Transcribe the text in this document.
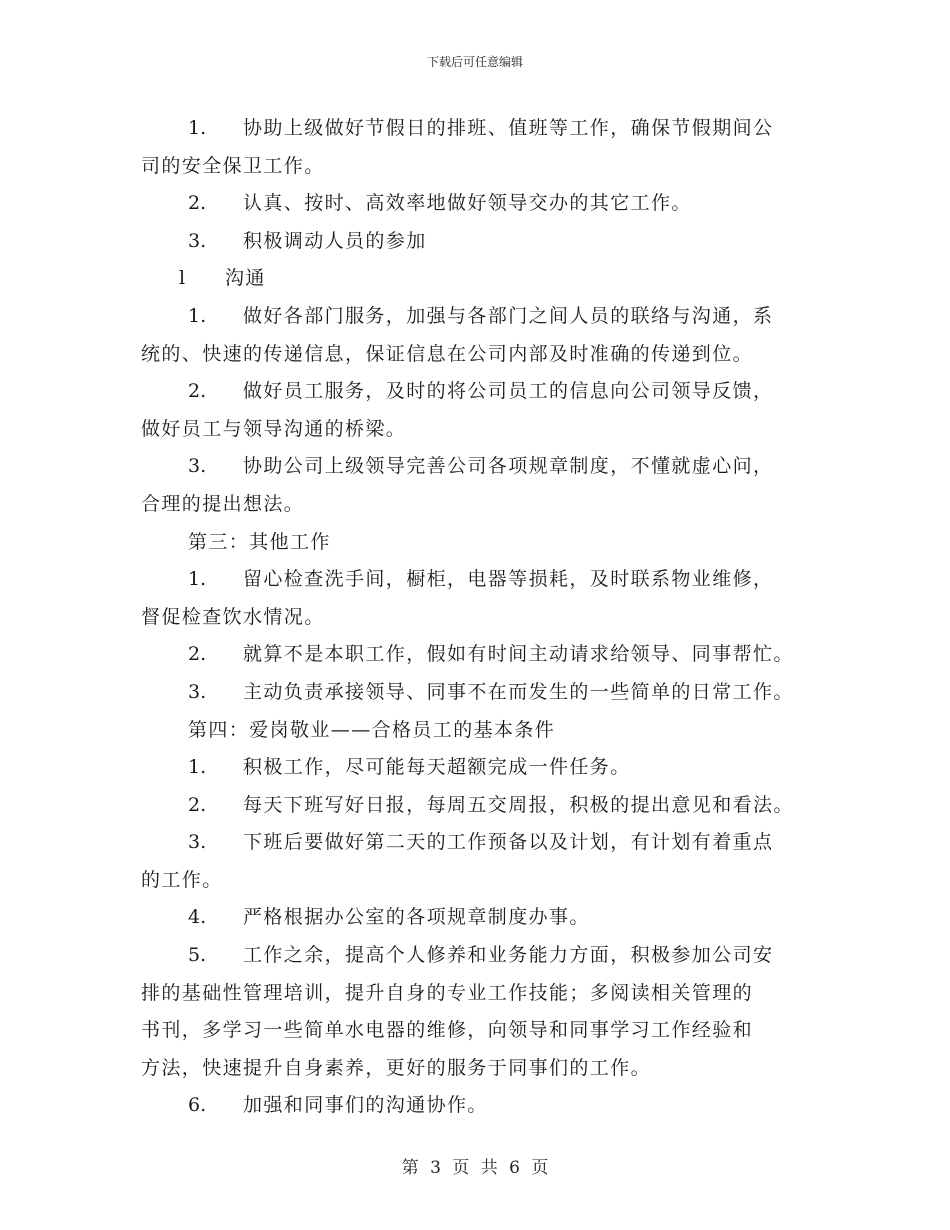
下载后可任意编辑
1. 协助上级做好节假日的排班、值班等工作，确保节假期间公
司的安全保卫工作。
2. 认真、按时、高效率地做好领导交办的其它工作。
3. 积极调动人员的参加
l 沟通
1. 做好各部门服务，加强与各部门之间人员的联络与沟通，系
统的、快速的传递信息，保证信息在公司内部及时准确的传递到位。
2. 做好员工服务，及时的将公司员工的信息向公司领导反馈，
做好员工与领导沟通的桥梁。
3. 协助公司上级领导完善公司各项规章制度，不懂就虚心问，
合理的提出想法。
第三：其他工作
1. 留心检查洗手间，橱柜，电器等损耗，及时联系物业维修，
督促检查饮水情况。
2. 就算不是本职工作，假如有时间主动请求给领导、同事帮忙。
3. 主动负责承接领导、同事不在而发生的一些简单的日常工作。
第四：爱岗敬业——合格员工的基本条件
1. 积极工作，尽可能每天超额完成一件任务。
2. 每天下班写好日报，每周五交周报，积极的提出意见和看法。
3. 下班后要做好第二天的工作预备以及计划，有计划有着重点
的工作。
4. 严格根据办公室的各项规章制度办事。
5. 工作之余，提高个人修养和业务能力方面，积极参加公司安
排的基础性管理培训，提升自身的专业工作技能；多阅读相关管理的
书刊，多学习一些简单水电器的维修，向领导和同事学习工作经验和
方法，快速提升自身素养，更好的服务于同事们的工作。
6. 加强和同事们的沟通协作。
第 3 页 共 6 页
